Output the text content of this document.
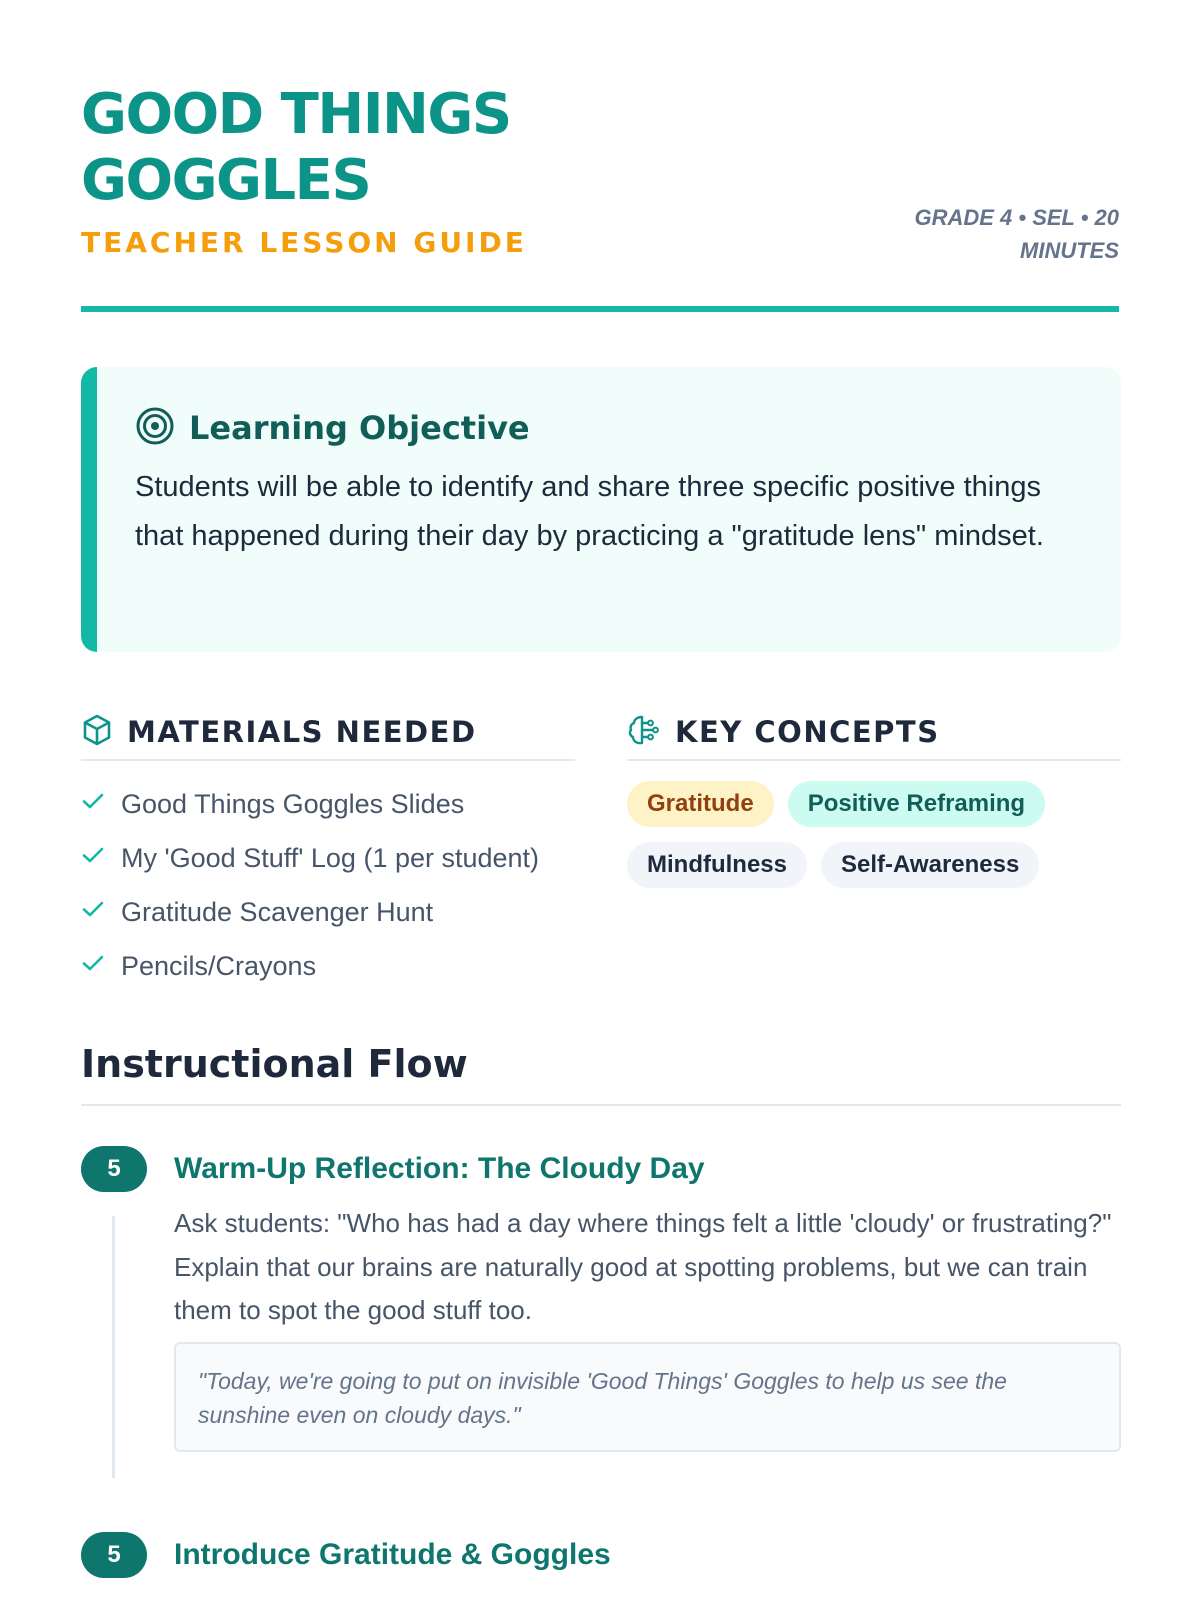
GOOD THINGS
GOGGLES
TEACHER LESSON GUIDE
GRADE 4 • SEL • 20
MINUTES
Learning Objective

Students will be able to identify and share three specific positive things that happened during their day by practicing a "gratitude lens" mindset.

MATERIALS NEEDED
Good Things Goggles Slides
My 'Good Stuff' Log (1 per student)
Gratitude Scavenger Hunt
Pencils/Crayons
KEY CONCEPTS
Gratitude	Positive Reframing
Mindfulness	Self-Awareness
Instructional Flow
5	Warm-Up Reflection: The Cloudy Day

Ask students: "Who has had a day where things felt a little 'cloudy' or frustrating?" Explain that our brains are naturally good at spotting problems, but we can train them to spot the good stuff too.

"Today, we're going to put on invisible 'Good Things' Goggles to help us see the sunshine even on cloudy days."
5	Introduce Gratitude & Goggles
